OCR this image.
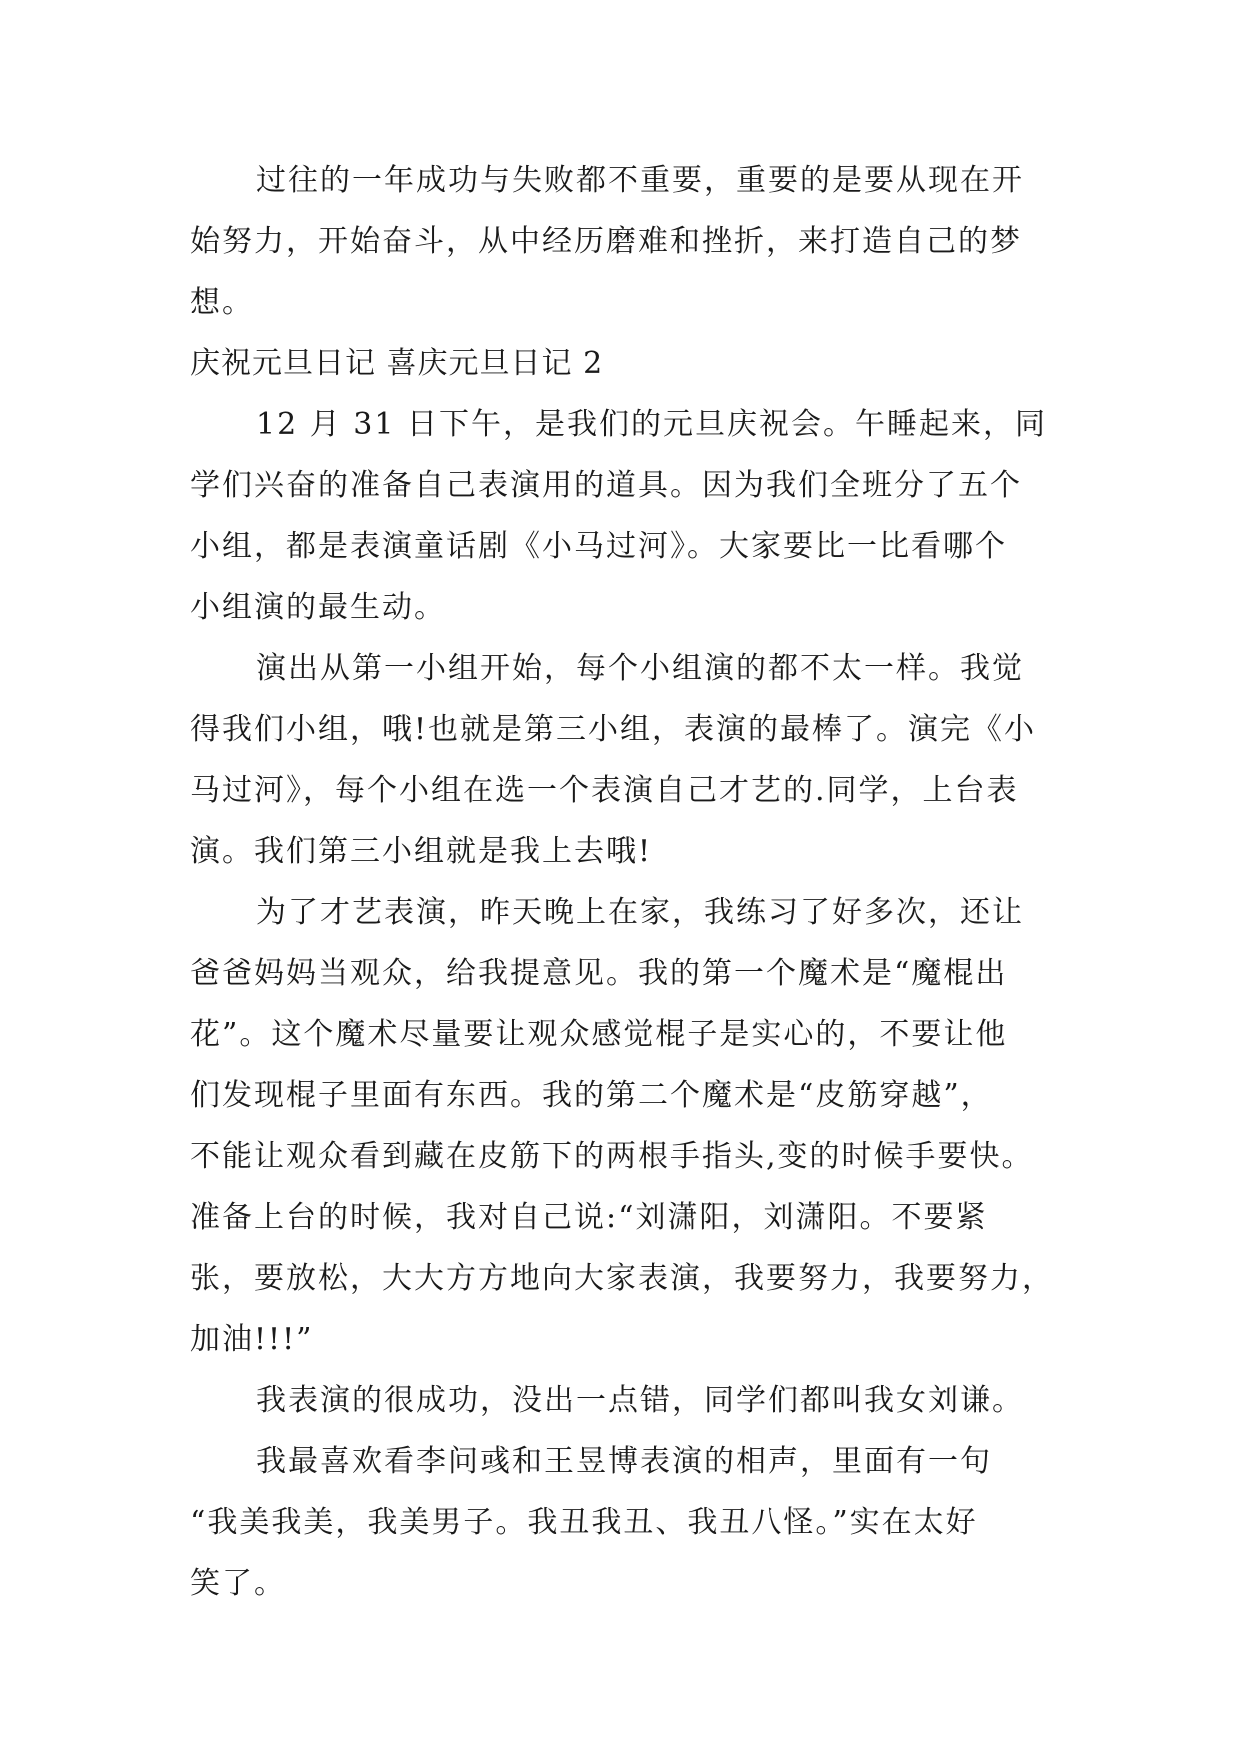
过往的一年成功与失败都不重要，重要的是要从现在开
始努力，开始奋斗，从中经历磨难和挫折，来打造自己的梦
想。
庆祝元旦日记 喜庆元旦日记 2
12 月 31 日下午，是我们的元旦庆祝会。午睡起来，同
学们兴奋的准备自己表演用的道具。因为我们全班分了五个
小组，都是表演童话剧《小马过河》。大家要比一比看哪个
小组演的最生动。
演出从第一小组开始，每个小组演的都不太一样。我觉
得我们小组，哦!也就是第三小组，表演的最棒了。演完《小
马过河》，每个小组在选一个表演自己才艺的.同学，上台表
演。我们第三小组就是我上去哦!
为了才艺表演，昨天晚上在家，我练习了好多次，还让
爸爸妈妈当观众，给我提意见。我的第一个魔术是“魔棍出
花”。这个魔术尽量要让观众感觉棍子是实心的，不要让他
们发现棍子里面有东西。我的第二个魔术是“皮筋穿越”，
不能让观众看到藏在皮筋下的两根手指头,变的时候手要快。
准备上台的时候，我对自己说:“刘潇阳，刘潇阳。不要紧
张，要放松，大大方方地向大家表演，我要努力，我要努力，
加油!!!”
我表演的很成功，没出一点错，同学们都叫我女刘谦。
我最喜欢看李问彧和王昱博表演的相声，里面有一句
“我美我美，我美男子。我丑我丑、我丑八怪。”实在太好
笑了。
